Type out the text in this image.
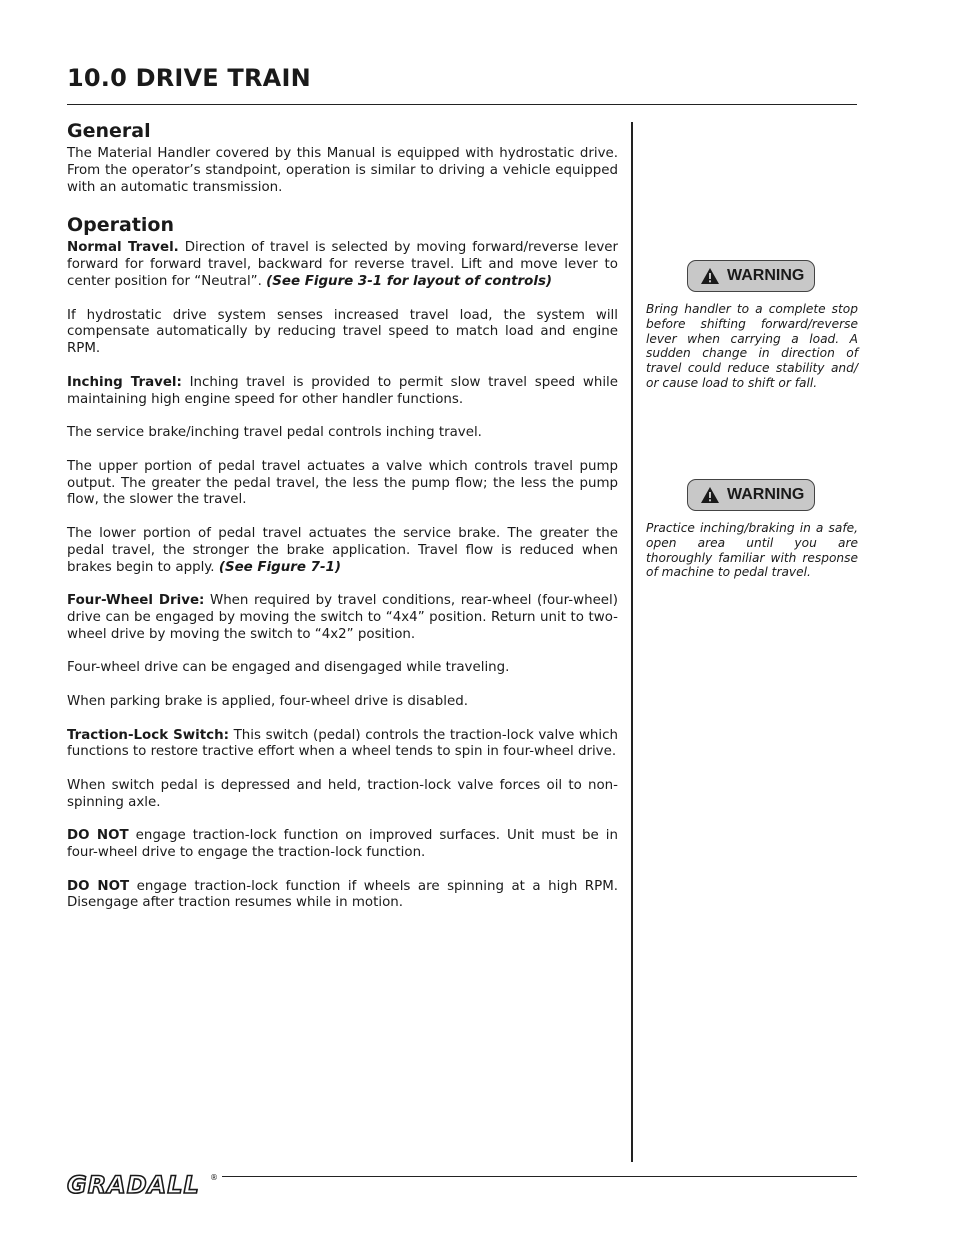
10.0 DRIVE TRAIN
General

The Material Handler covered by this Manual is equipped with hydrostatic drive. From the operator’s standpoint, operation is similar to driving a vehicle equipped with an automatic transmission.

Operation

Normal Travel. Direction of travel is selected by moving forward/reverse lever forward for forward travel, backward for reverse travel. Lift and move lever to center position for “Neutral”. (See Figure 3-1 for layout of controls)

If hydrostatic drive system senses increased travel load, the system will compensate automatically by reducing travel speed to match load and engine RPM.

Inching Travel: Inching travel is provided to permit slow travel speed while maintaining high engine speed for other handler functions.

The service brake/inching travel pedal controls inching travel.

The upper portion of pedal travel actuates a valve which controls travel pump output. The greater the pedal travel, the less the pump flow; the less the pump flow, the slower the travel.

The lower portion of pedal travel actuates the service brake. The greater the pedal travel, the stronger the brake application. Travel flow is reduced when brakes begin to apply. (See Figure 7-1)

Four-Wheel Drive: When required by travel conditions, rear-wheel (four-wheel) drive can be engaged by moving the switch to “4x4” position. Return unit to two-wheel drive by moving the switch to “4x2” position.

Four-wheel drive can be engaged and disengaged while traveling.

When parking brake is applied, four-wheel drive is disabled.

Traction-Lock Switch: This switch (pedal) controls the traction-lock valve which functions to restore tractive effort when a wheel tends to spin in four-wheel drive.

When switch pedal is depressed and held, traction-lock valve forces oil to non-spinning axle.

DO NOT engage traction-lock function on improved surfaces. Unit must be in four-wheel drive to engage the traction-lock function.

DO NOT engage traction-lock function if wheels are spinning at a high RPM. Disengage after traction resumes while in motion.

WARNING

Bring handler to a complete stop before shifting forward/reverse lever when carrying a load. A sudden change in direction of travel could reduce stability and/ or cause load to shift or fall.

WARNING

Practice inching/braking in a safe, open area until you are thoroughly familiar with response of machine to pedal travel.

GRADALL ®
